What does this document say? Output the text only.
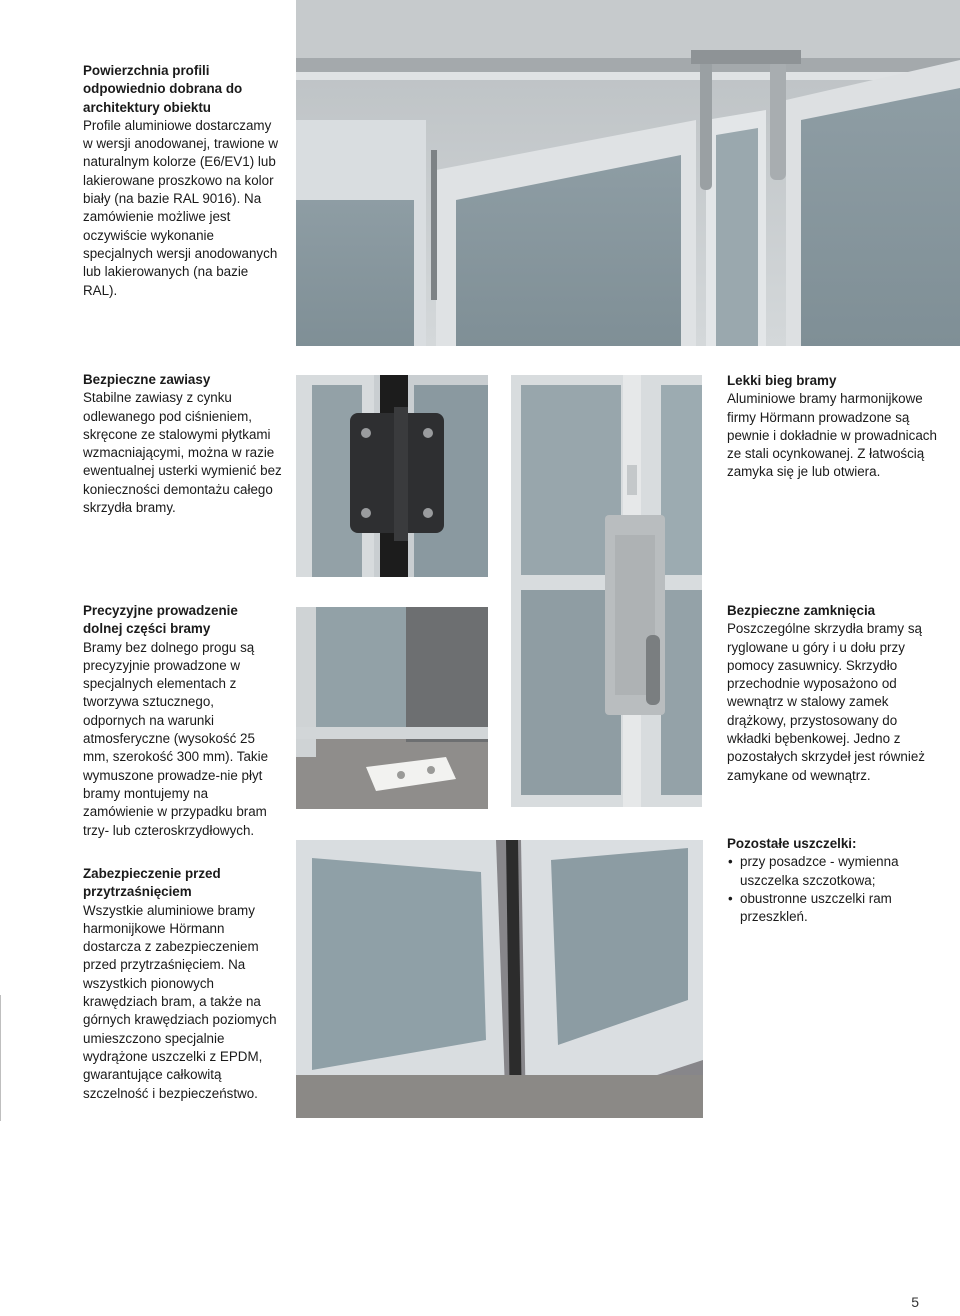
Powierzchnia profili odpowiednio dobrana do architektury obiektu

Profile aluminiowe dostarczamy w wersji anodowanej, trawione w naturalnym kolorze (E6/EV1) lub lakierowane proszkowo na kolor biały (na bazie RAL 9016). Na zamówienie możliwe jest oczywiście wykonanie specjalnych wersji anodowanych lub lakierowanych (na bazie RAL).

Bezpieczne zawiasy

Stabilne zawiasy z cynku odlewanego pod ciśnieniem, skręcone ze stalowymi płytkami wzmacniającymi, można w razie ewentualnej usterki wymienić bez konieczności demontażu całego skrzydła bramy.

Lekki bieg bramy

Aluminiowe bramy harmonijkowe firmy Hörmann prowadzone są pewnie i dokładnie w prowadnicach ze stali ocynkowanej. Z łatwością zamyka się je lub otwiera.

Precyzyjne prowadzenie dolnej części bramy

Bramy bez dolnego progu są precyzyjnie prowadzone w specjalnych elementach z tworzywa sztucznego, odpornych na warunki atmosferyczne (wysokość 25 mm, szerokość 300 mm). Takie wymuszone prowadze-nie płyt bramy montujemy na zamówienie w przypadku bram trzy- lub czteroskrzydłowych.

Bezpieczne zamknięcia

Poszczególne skrzydła bramy są ryglowane u góry i u dołu przy pomocy zasuwnicy. Skrzydło przechodnie wyposażono od wewnątrz w stalowy zamek drążkowy, przystosowany do wkładki bębenkowej. Jedno z pozostałych skrzydeł jest również zamykane od wewnątrz.

Pozostałe uszczelki:

• przy posadzce - wymienna uszczelka szczotkowa;
• obustronne uszczelki ram przeszkleń.

Zabezpieczenie przed przytrzaśnięciem

Wszystkie aluminiowe bramy harmonijkowe Hörmann dostarcza z zabezpieczeniem przed przytrzaśnięciem. Na wszystkich pionowych krawędziach bram, a także na górnych krawędziach poziomych umieszczono specjalnie wydrążone uszczelki z EPDM, gwarantujące całkowitą szczelność i bezpieczeństwo.

5
